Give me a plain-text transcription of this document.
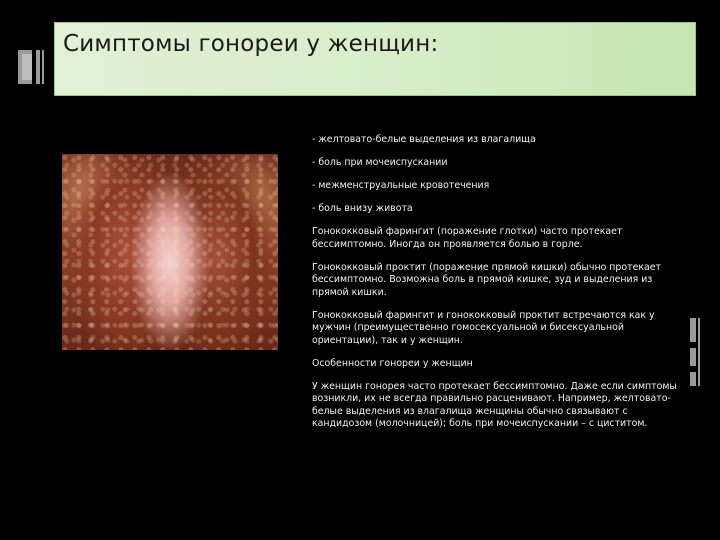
Симптомы гонореи у женщин:
- желтовато-белые выделения из влагалища
- боль при мочеиспускании
- межменструальные кровотечения
- боль внизу живота
Гонококковый фарингит (поражение глотки) часто протекает бессимптомно. Иногда он проявляется болью в горле.
Гонококковый проктит (поражение прямой кишки) обычно протекает бессимптомно. Возможна боль в прямой кишке, зуд и выделения из прямой кишки.
Гонококковый фарингит и гонококковый проктит встречаются как у мужчин (преимущественно гомосексуальной и бисексуальной ориентации), так и у женщин.
Особенности гонореи у женщин
У женщин гонорея часто протекает бессимптомно. Даже если симптомы возникли, их не всегда правильно расценивают. Например, желтовато-белые выделения из влагалища женщины обычно связывают с кандидозом (молочницей); боль при мочеиспускании – с циститом.
